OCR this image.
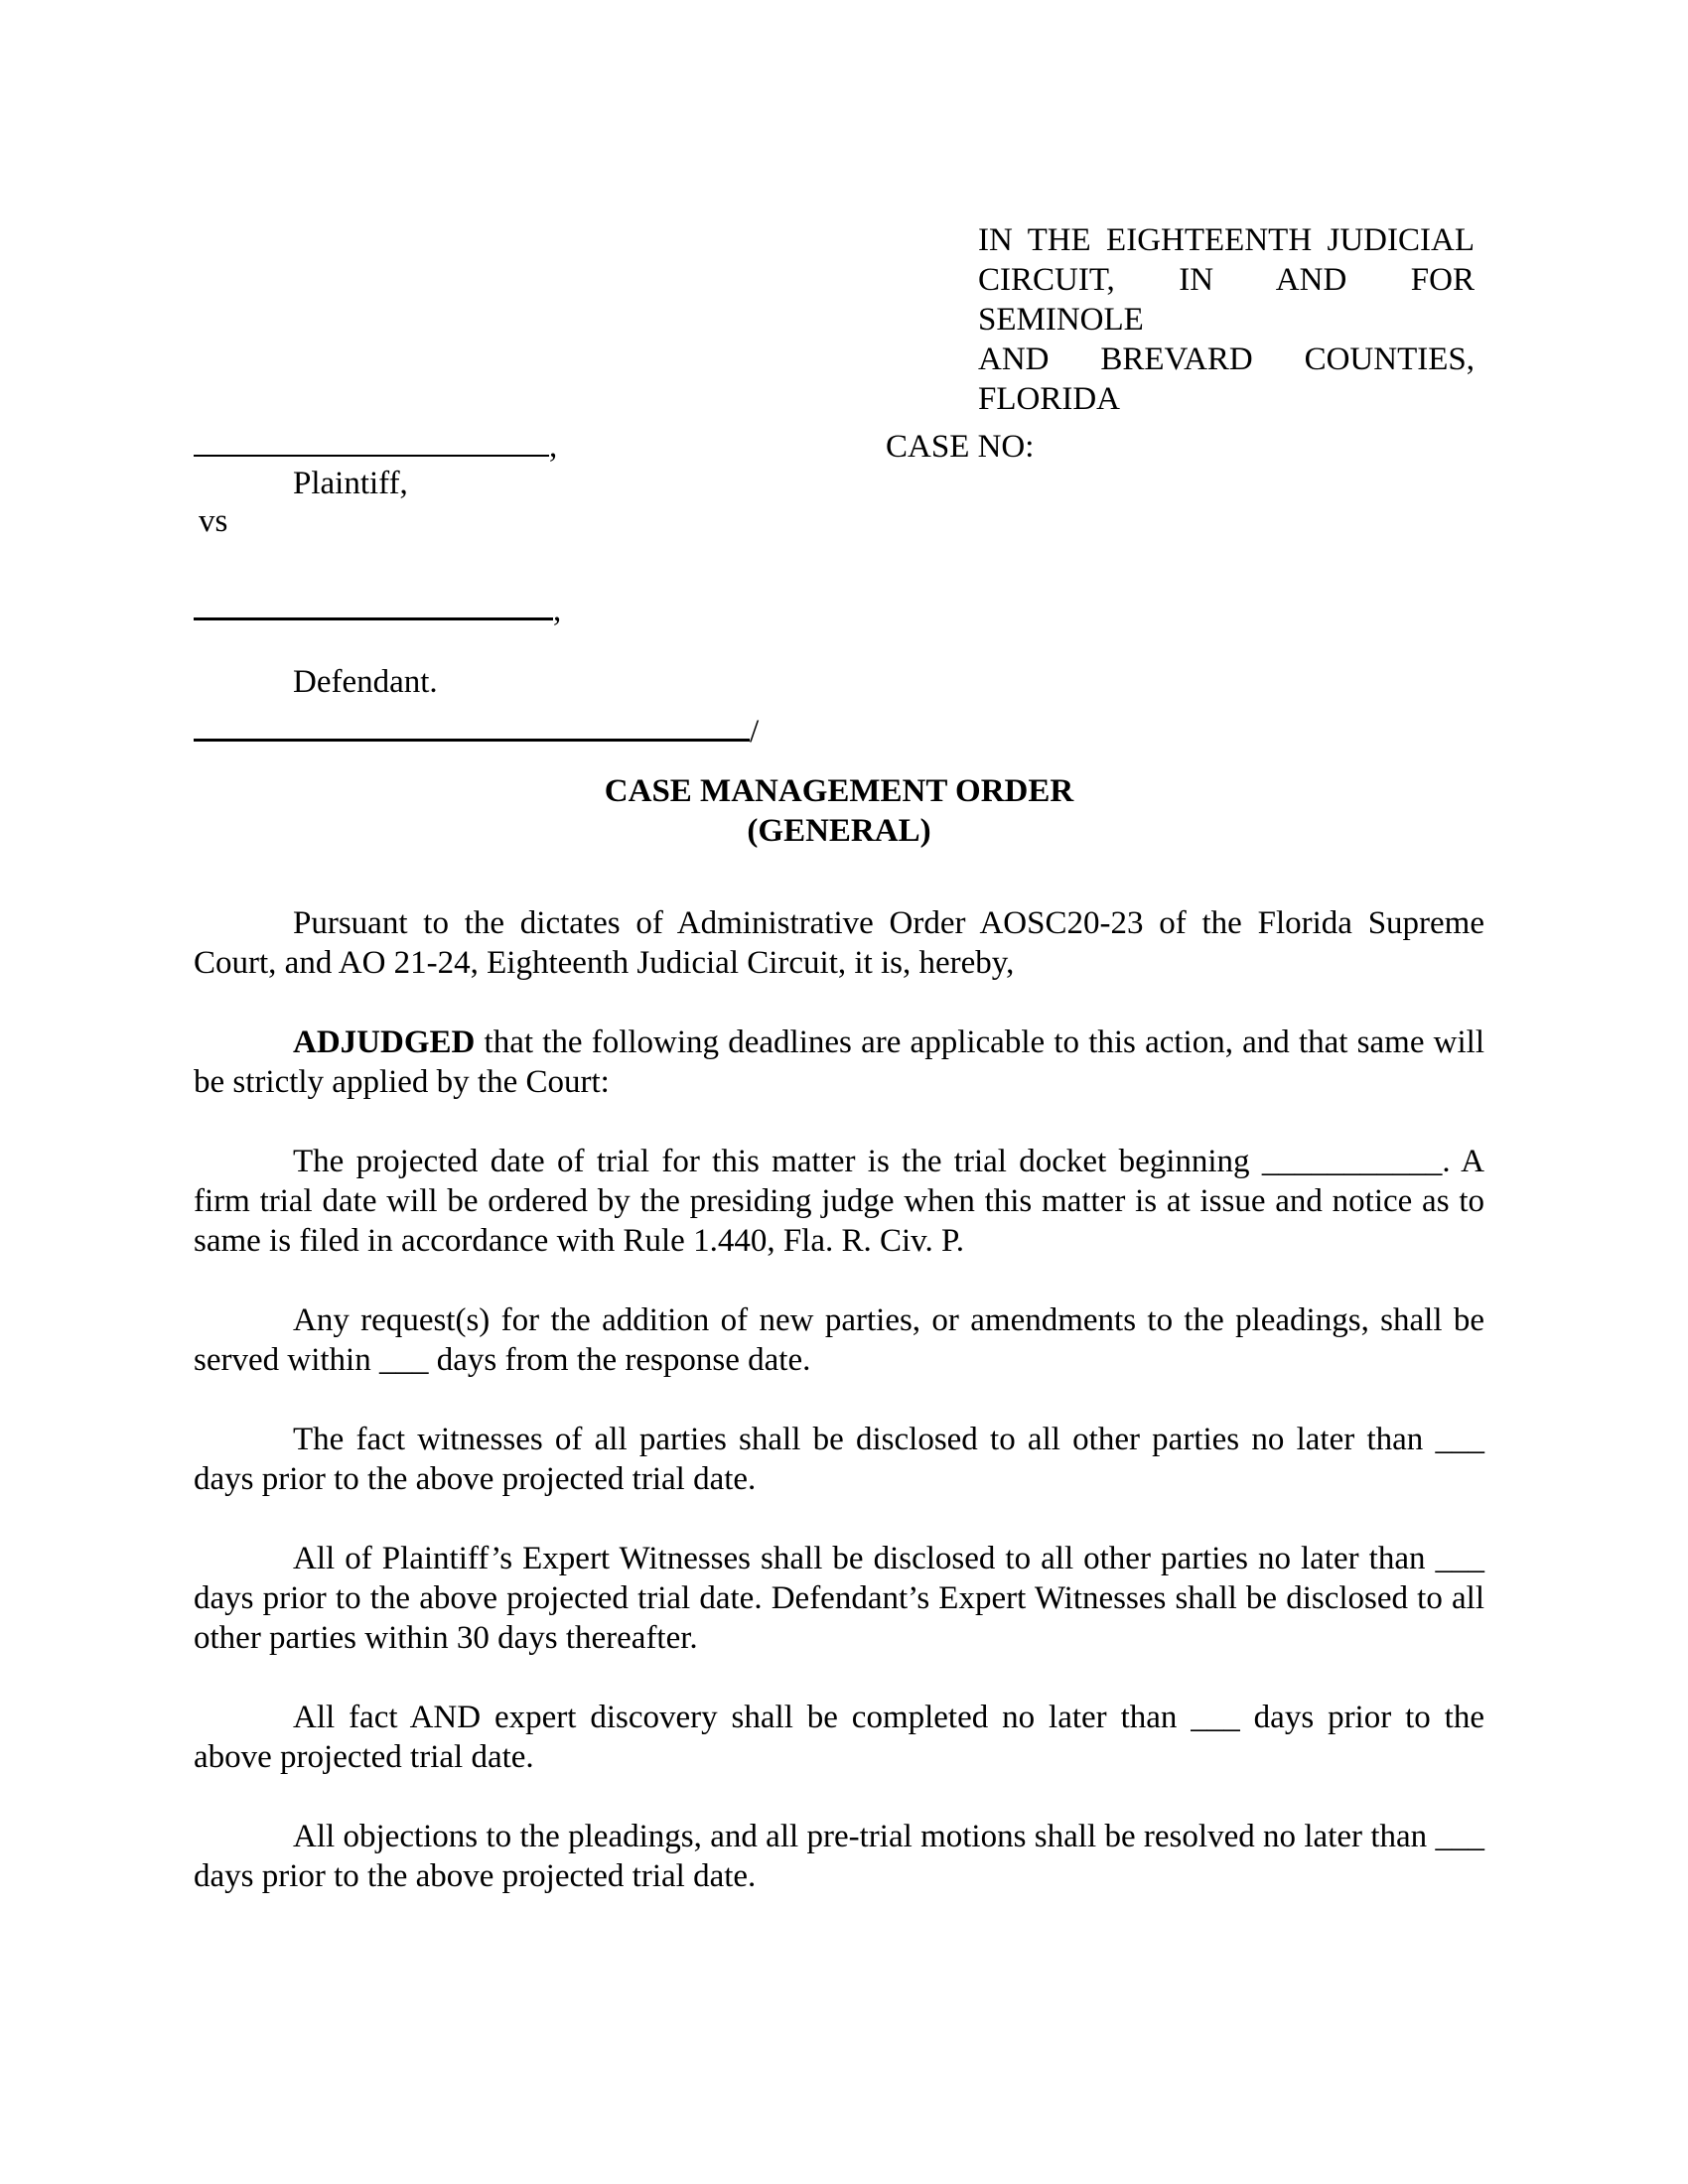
IN THE EIGHTEENTH JUDICIAL
CIRCUIT, IN AND FOR SEMINOLE
AND BREVARD COUNTIES,
FLORIDA
,	CASE NO:
Plaintiff,
vs
,
Defendant.
/
CASE MANAGEMENT ORDER
(GENERAL)

Pursuant to the dictates of Administrative Order AOSC20-23 of the Florida Supreme Court, and AO 21-24, Eighteenth Judicial Circuit, it is, hereby,

ADJUDGED that the following deadlines are applicable to this action, and that same will be strictly applied by the Court:

The projected date of trial for this matter is the trial docket beginning ___________. A firm trial date will be ordered by the presiding judge when this matter is at issue and notice as to same is filed in accordance with Rule 1.440, Fla. R. Civ. P.

Any request(s) for the addition of new parties, or amendments to the pleadings, shall be served within ___ days from the response date.

The fact witnesses of all parties shall be disclosed to all other parties no later than ___ days prior to the above projected trial date.

All of Plaintiff’s Expert Witnesses shall be disclosed to all other parties no later than ___ days prior to the above projected trial date. Defendant’s Expert Witnesses shall be disclosed to all other parties within 30 days thereafter.

All fact AND expert discovery shall be completed no later than ___ days prior to the above projected trial date.

All objections to the pleadings, and all pre-trial motions shall be resolved no later than ___ days prior to the above projected trial date.
